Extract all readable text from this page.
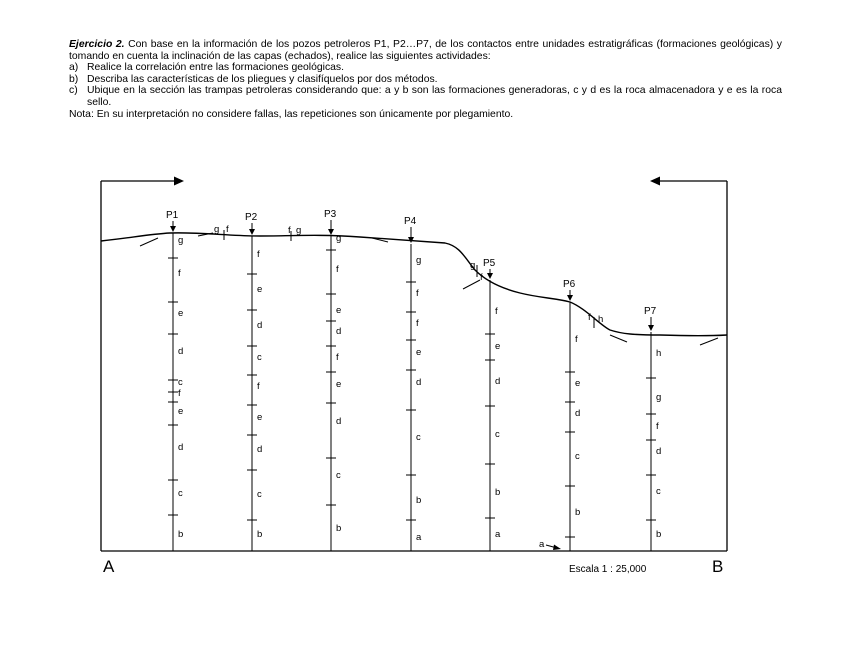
Ejercicio 2. Con base en la información de los pozos petroleros P1, P2…P7, de los contactos entre unidades estratigráficas (formaciones geológicas) y tomando en cuenta la inclinación de las capas (echados), realice las siguientes actividades:

a) Realice la correlación entre las formaciones geológicas.
b) Describa las características de los pliegues y clasifíquelos por dos métodos.
c) Ubique en la sección las trampas petroleras considerando que: a y b son las formaciones generadoras, c y d es la roca almacenadora y e es la roca sello.

Nota: En su interpretación no considere fallas, las repeticiones son únicamente por plegamiento.

P1
g
f
e
d
c
f
e
d
c
b
P2
f
e
d
c
f
e
d
c
b
P3
g
f
e
d
f
e
d
c
b
P4
g
f
f
e
d
c
b
a
P5
f
e
d
c
b
a
P6
f
e
d
c
b
P7
h
g
f
d
c
b
g f	f g
g
f
f h
a
A	B
Escala 1 : 25,000
